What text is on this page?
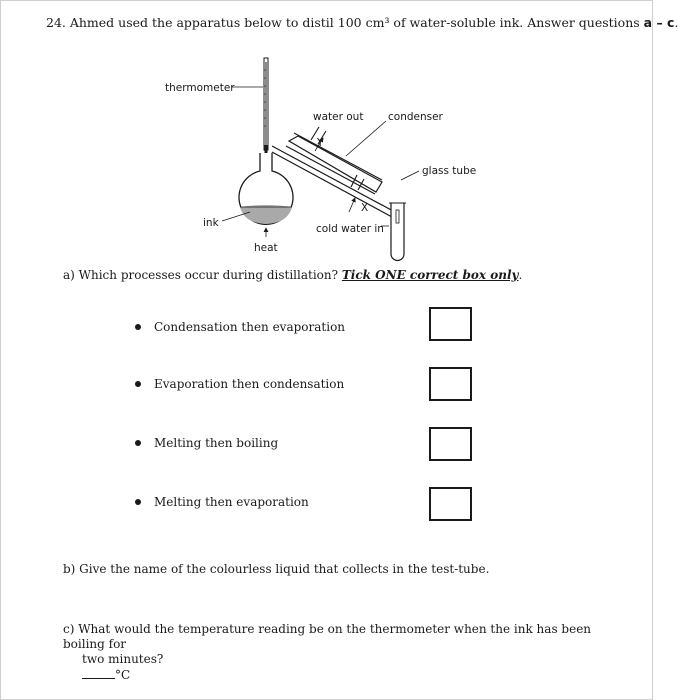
24. Ahmed used the apparatus below to distil 100 cm³ of water-soluble ink. Answer questions a – c
thermometer
water out condenser
glass tube
Y
X
ink	cold water in
heat
a) Which processes occur during distillation? Tick ONE correct box only.
Condensation then evaporation
Evaporation then condensation
Melting then boiling
Melting then evaporation
b) Give the name of the colourless liquid that collects in the test-tube.
c) What would the temperature reading be on the thermometer when the ink has been boiling for
two minutes?
°C
